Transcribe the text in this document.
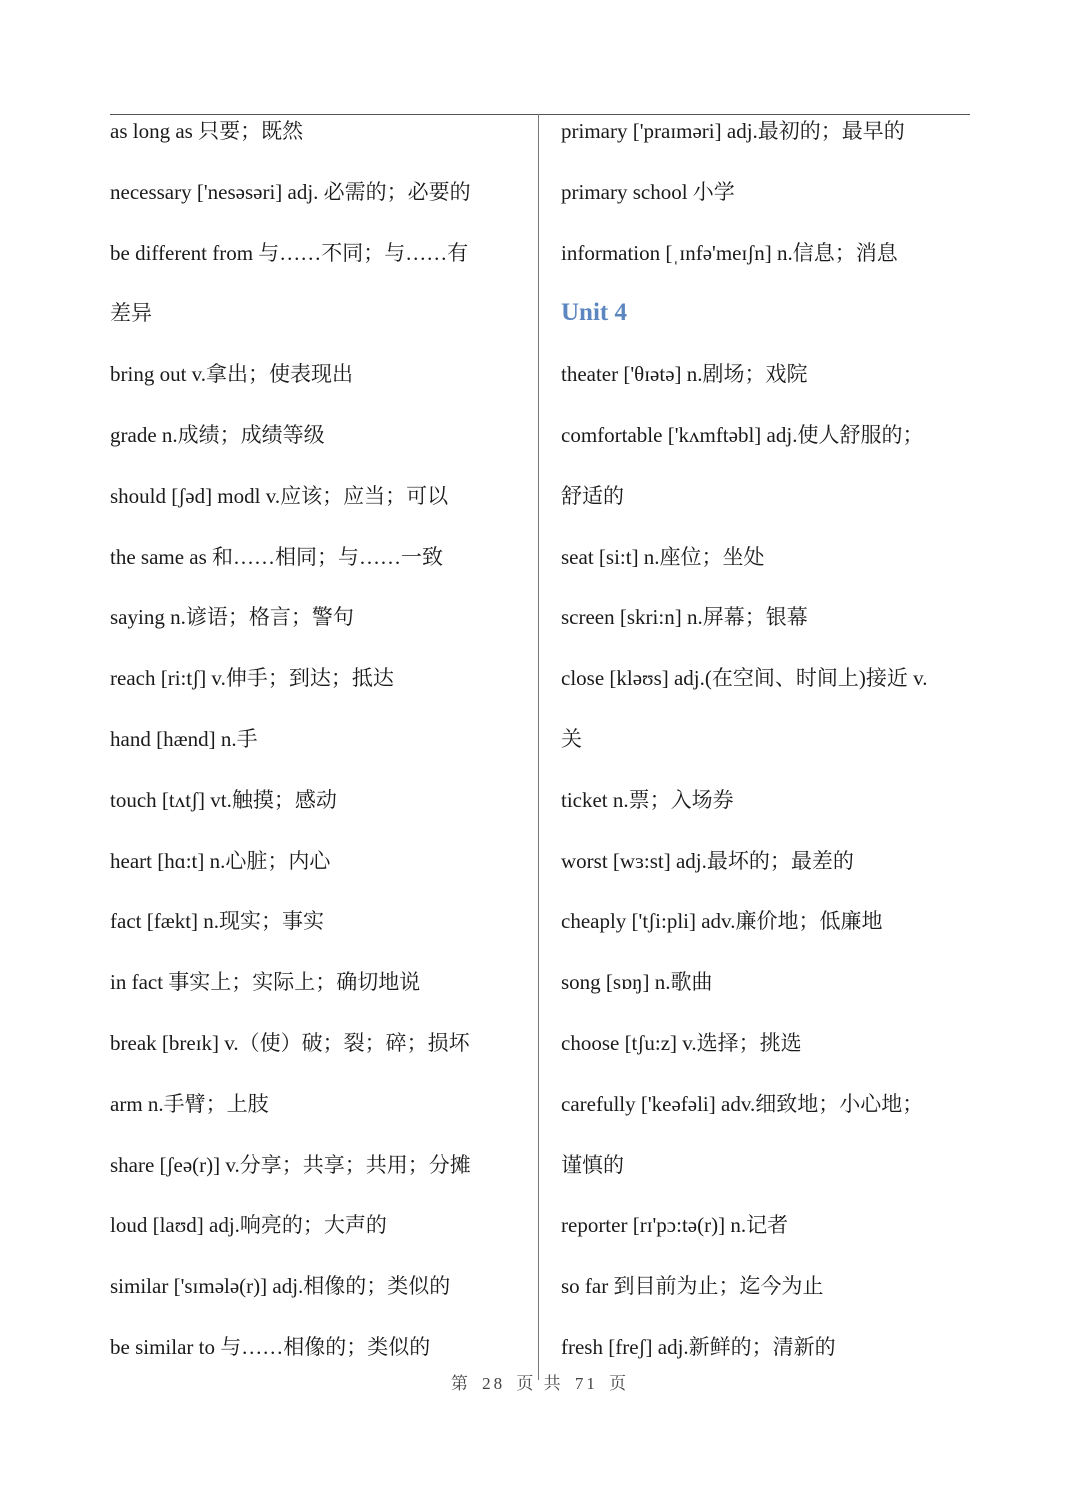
as long as 只要；既然
necessary ['nesəsəri] adj. 必需的；必要的
be different from 与……不同；与……有
差异
bring out v.拿出；使表现出
grade n.成绩；成绩等级
should [ʃəd] modl v.应该；应当；可以
the same as 和……相同；与……一致
saying n.谚语；格言；警句
reach [ri:tʃ] v.伸手；到达；抵达
hand [hænd] n.手
touch [tʌtʃ] vt.触摸；感动
heart [hɑ:t] n.心脏；内心
fact [fækt] n.现实；事实
in fact 事实上；实际上；确切地说
break [breɪk] v.（使）破；裂；碎；损坏
arm n.手臂；上肢
share [ʃeə(r)] v.分享；共享；共用；分摊
loud [laʊd] adj.响亮的；大声的
similar ['sɪmələ(r)] adj.相像的；类似的
be similar to 与……相像的；类似的
primary ['praɪməri] adj.最初的；最早的
primary school 小学
information [ˌɪnfə'meɪʃn] n.信息；消息
Unit 4
theater ['θɪətə] n.剧场；戏院
comfortable ['kʌmftəbl] adj.使人舒服的；
舒适的
seat [si:t] n.座位；坐处
screen [skri:n] n.屏幕；银幕
close [kləʊs] adj.(在空间、时间上)接近 v.
关
ticket n.票；入场券
worst [wɜ:st] adj.最坏的；最差的
cheaply ['tʃi:pli] adv.廉价地；低廉地
song [sɒŋ] n.歌曲
choose [tʃu:z] v.选择；挑选
carefully ['keəfəli] adv.细致地；小心地；
谨慎的
reporter [rɪ'pɔ:tə(r)] n.记者
so far 到目前为止；迄今为止
fresh [freʃ] adj.新鲜的；清新的
第 28 页 共 71 页
